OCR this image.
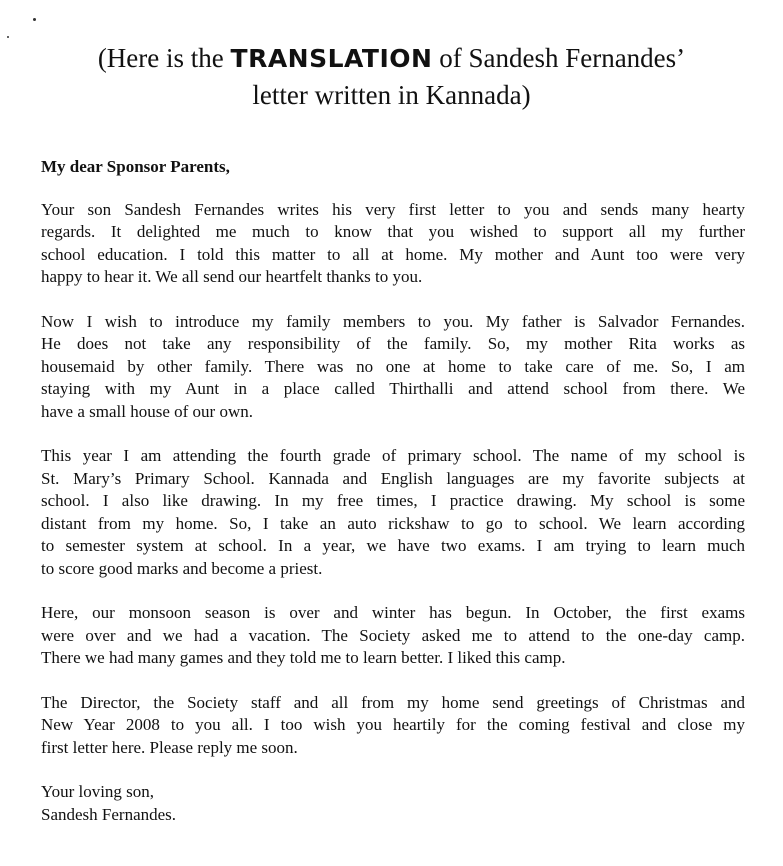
(Here is the TRANSLATION of Sandesh Fernandes’
letter written in Kannada)

My dear Sponsor Parents,

Your son Sandesh Fernandes writes his very first letter to you and sends many hearty
regards. It delighted me much to know that you wished to support all my further
school education. I told this matter to all at home. My mother and Aunt too were very
happy to hear it. We all send our heartfelt thanks to you.

Now I wish to introduce my family members to you. My father is Salvador Fernandes.
He does not take any responsibility of the family. So, my mother Rita works as
housemaid by other family. There was no one at home to take care of me. So, I am
staying with my Aunt in a place called Thirthalli and attend school from there. We
have a small house of our own.

This year I am attending the fourth grade of primary school. The name of my school is
St. Mary’s Primary School. Kannada and English languages are my favorite subjects at
school. I also like drawing. In my free times, I practice drawing. My school is some
distant from my home. So, I take an auto rickshaw to go to school. We learn according
to semester system at school. In a year, we have two exams. I am trying to learn much
to score good marks and become a priest.

Here, our monsoon season is over and winter has begun. In October, the first exams
were over and we had a vacation. The Society asked me to attend to the one-day camp.
There we had many games and they told me to learn better. I liked this camp.

The Director, the Society staff and all from my home send greetings of Christmas and
New Year 2008 to you all. I too wish you heartily for the coming festival and close my
first letter here. Please reply me soon.

Your loving son,
Sandesh Fernandes.
